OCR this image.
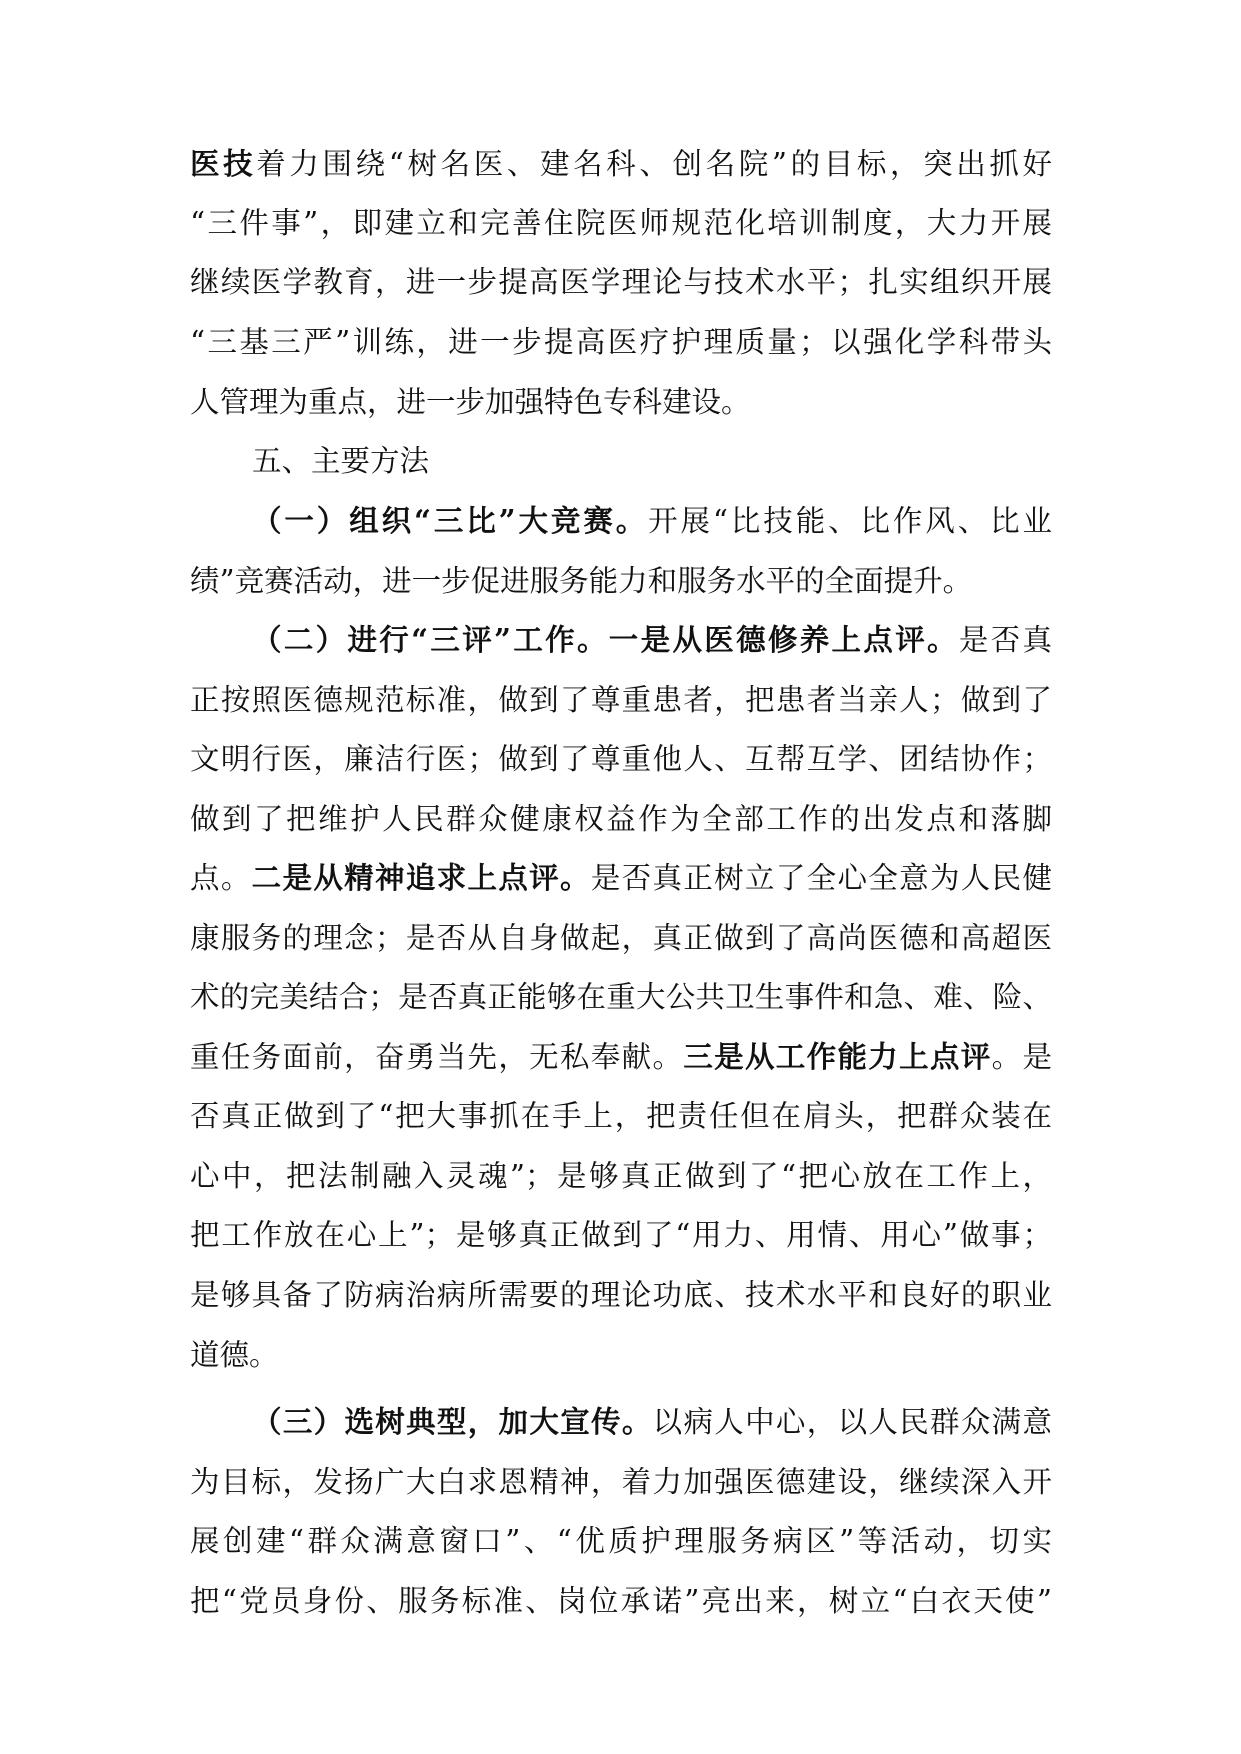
医技着力围绕“树名医、建名科、创名院”的目标，突出抓好
“三件事”，即建立和完善住院医师规范化培训制度，大力开展
继续医学教育，进一步提高医学理论与技术水平；扎实组织开展
“三基三严”训练，进一步提高医疗护理质量；以强化学科带头
人管理为重点，进一步加强特色专科建设。
五、主要方法
（一）组织“三比”大竞赛。开展“比技能、比作风、比业
绩”竞赛活动，进一步促进服务能力和服务水平的全面提升。
（二）进行“三评”工作。一是从医德修养上点评。是否真
正按照医德规范标准，做到了尊重患者，把患者当亲人；做到了
文明行医，廉洁行医；做到了尊重他人、互帮互学、团结协作；
做到了把维护人民群众健康权益作为全部工作的出发点和落脚
点。二是从精神追求上点评。是否真正树立了全心全意为人民健
康服务的理念；是否从自身做起，真正做到了高尚医德和高超医
术的完美结合；是否真正能够在重大公共卫生事件和急、难、险、
重任务面前，奋勇当先，无私奉献。三是从工作能力上点评。是
否真正做到了“把大事抓在手上，把责任但在肩头，把群众装在
心中，把法制融入灵魂”；是够真正做到了“把心放在工作上，
把工作放在心上”；是够真正做到了“用力、用情、用心”做事；
是够具备了防病治病所需要的理论功底、技术水平和良好的职业
道德。
（三）选树典型，加大宣传。以病人中心，以人民群众满意
为目标，发扬广大白求恩精神，着力加强医德建设，继续深入开
展创建“群众满意窗口”、“优质护理服务病区”等活动，切实
把“党员身份、服务标准、岗位承诺”亮出来，树立“白衣天使”
